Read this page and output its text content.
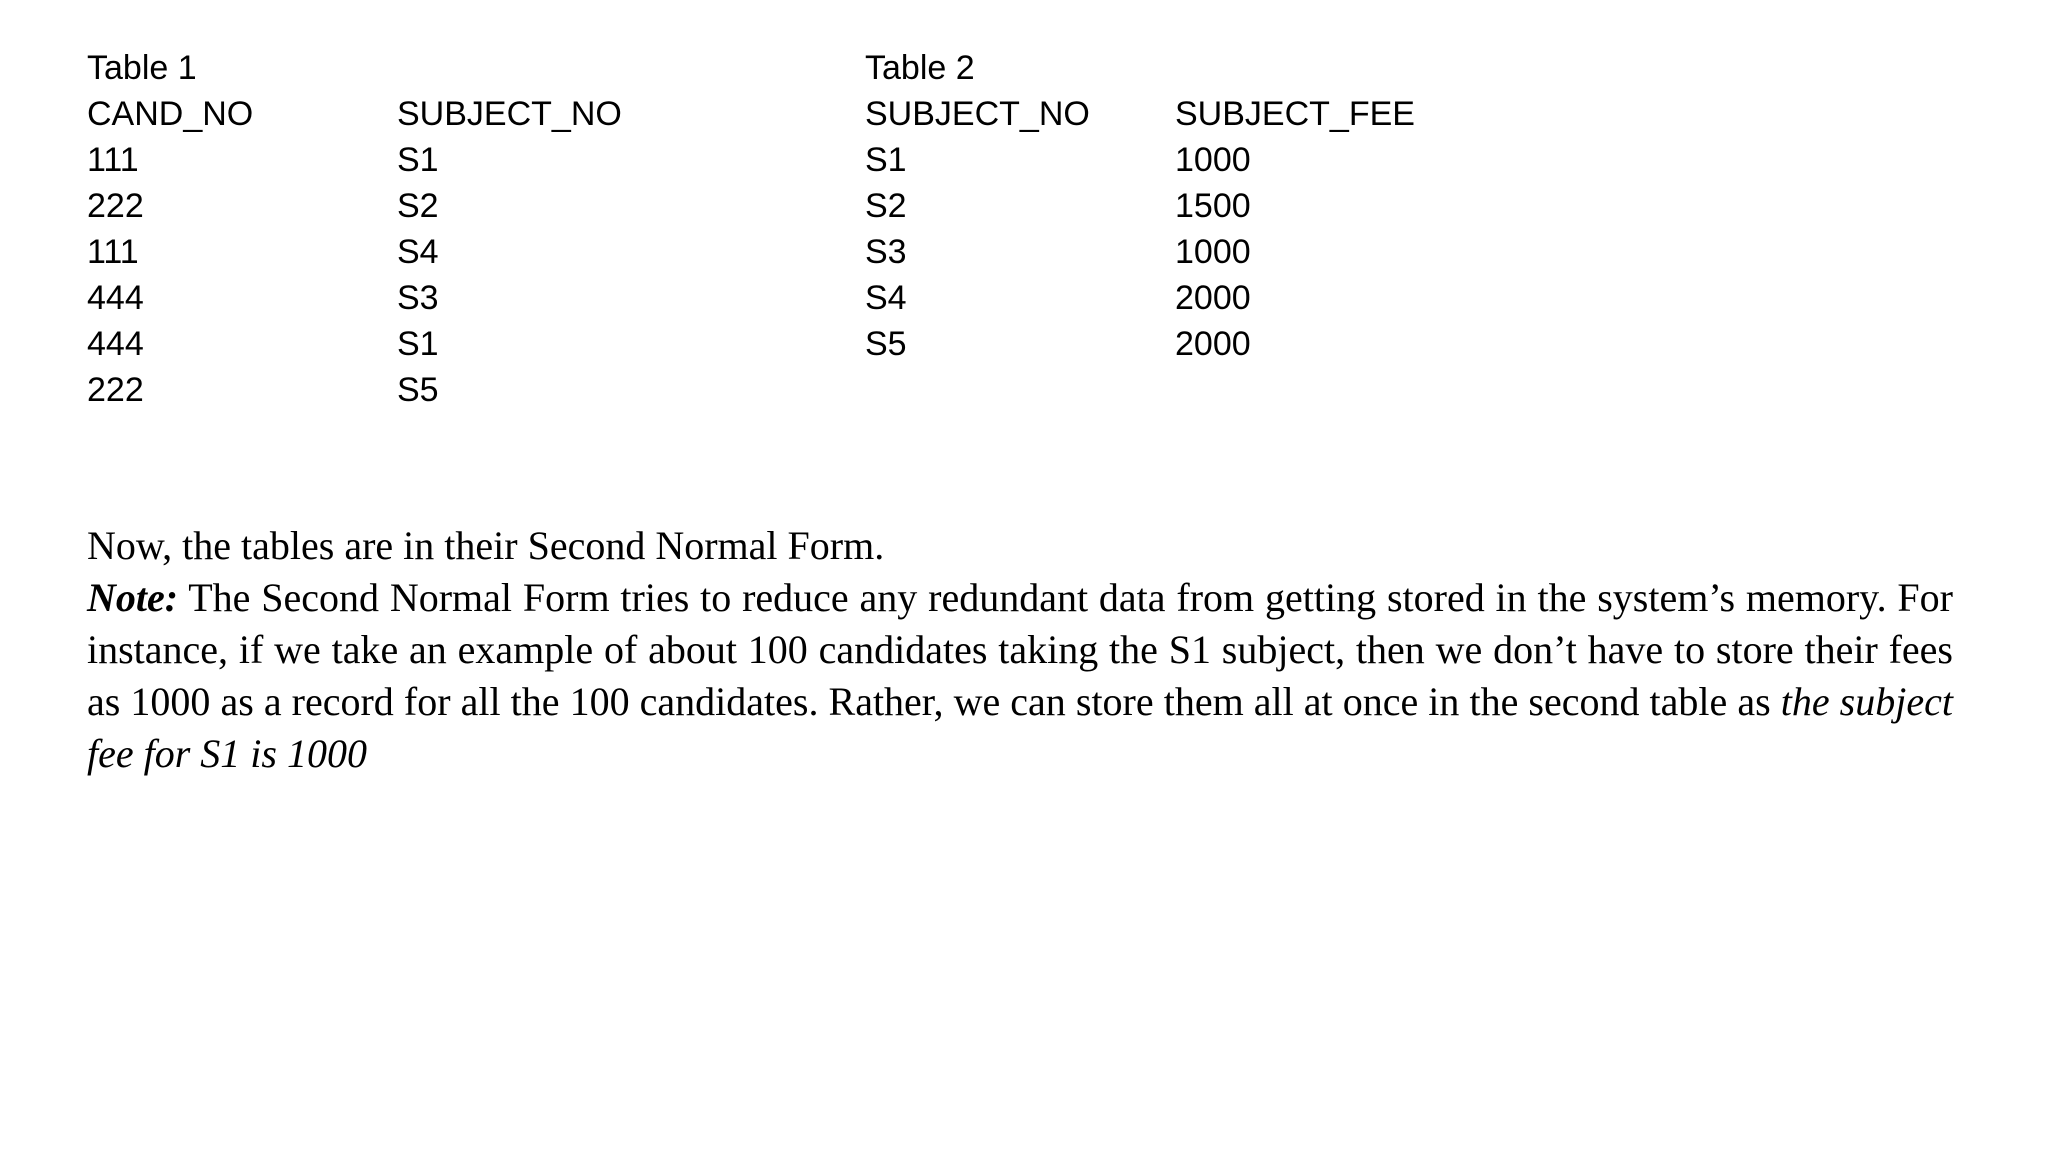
Table 1
CAND_NO	SUBJECT_NO
111	S1
222	S2
111	S4
444	S3
444	S1
222	S5
Table 2
SUBJECT_NO	SUBJECT_FEE
S1	1000
S2	1500
S3	1000
S4	2000
S5	2000

Now, the tables are in their Second Normal Form.

Note: The Second Normal Form tries to reduce any redundant data from getting stored in the system’s memory. For instance, if we take an example of about 100 candidates taking the S1 subject, then we don’t have to store their fees as 1000 as a record for all the 100 candidates. Rather, we can store them all at once in the second table as the subject fee for S1 is 1000
